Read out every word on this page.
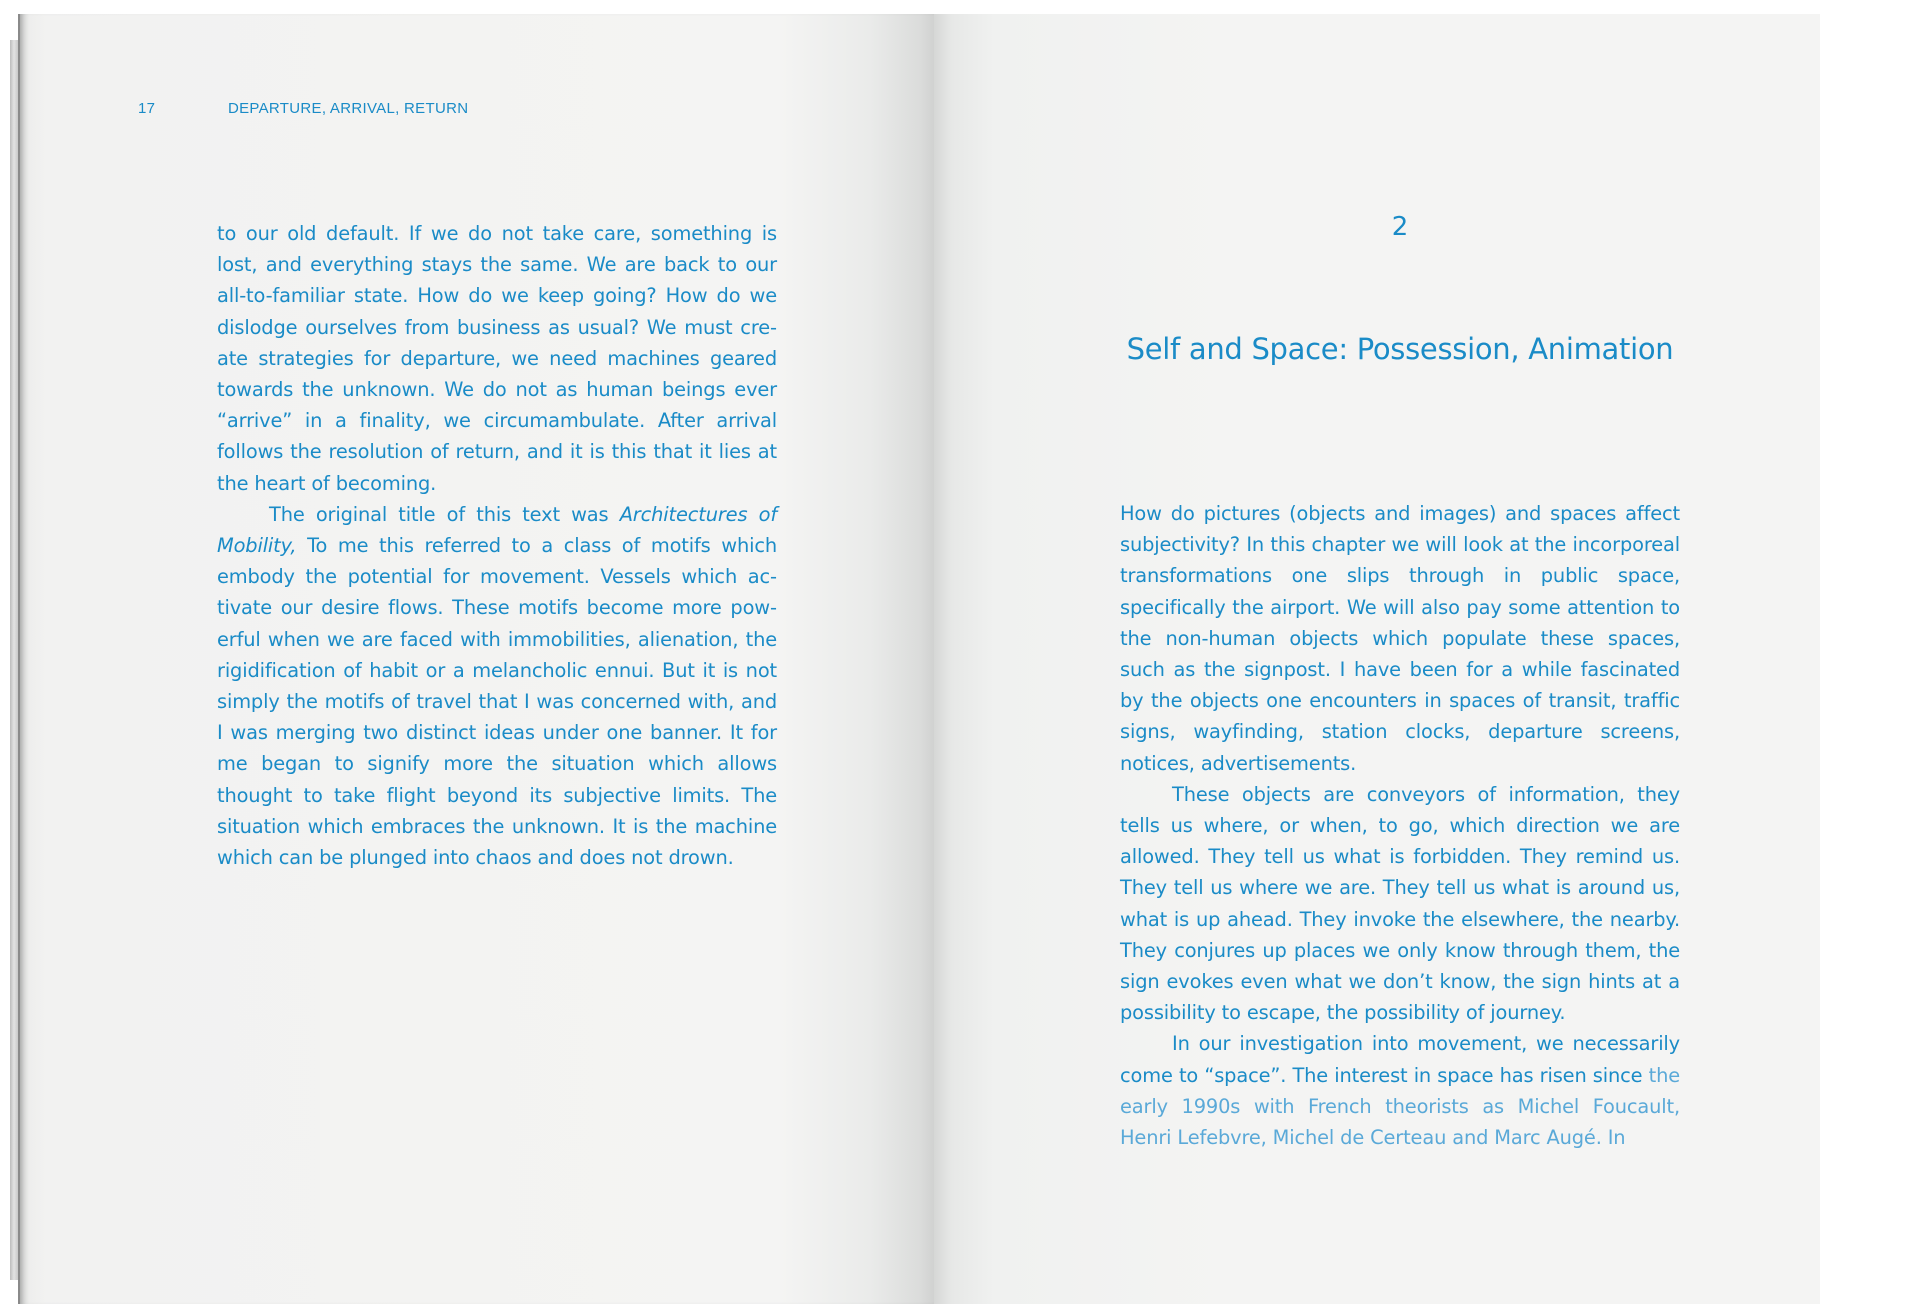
17	DEPARTURE, ARRIVAL, RETURN

to our old default. If we do not take care, something is lost, and everything stays the same. We are back to our all-to-familiar state. How do we keep going? How do we dislodge ourselves from business as usual? We must create strategies for departure, we need machines geared towards the unknown. We do not as human beings ever “arrive” in a finality, we circumambulate. After arrival follows the resolution of return, and it is this that it lies at the heart of becoming.

The original title of this text was Architectures of Mobility, To me this referred to a class of motifs which embody the potential for movement. Vessels which activate our desire flows. These motifs become more powerful when we are faced with immobilities, alienation, the rigidification of habit or a melancholic ennui. But it is not simply the motifs of travel that I was concerned with, and I was merging two distinct ideas under one banner. It for me began to signify more the situation which allows thought to take flight beyond its subjective limits. The situation which embraces the unknown. It is the machine which can be plunged into chaos and does not drown.

2
Self and Space: Possession, Animation

How do pictures (objects and images) and spaces affect subjectivity? In this chapter we will look at the incorporeal transformations one slips through in public space, specifically the airport. We will also pay some attention to the non-human objects which populate these spaces, such as the signpost. I have been for a while fascinated by the objects one encounters in spaces of transit, traffic signs, wayfinding, station clocks, departure screens, notices, advertisements.

These objects are conveyors of information, they tells us where, or when, to go, which direction we are allowed. They tell us what is forbidden. They remind us. They tell us where we are. They tell us what is around us, what is up ahead. They invoke the elsewhere, the nearby. They conjures up places we only know through them, the sign evokes even what we don’t know, the sign hints at a possibility to escape, the possibility of journey.

In our investigation into movement, we necessarily come to “space”. The interest in space has risen since the early 1990s with French theorists as Michel Foucault, Henri Lefebvre, Michel de Certeau and Marc Augé. In
